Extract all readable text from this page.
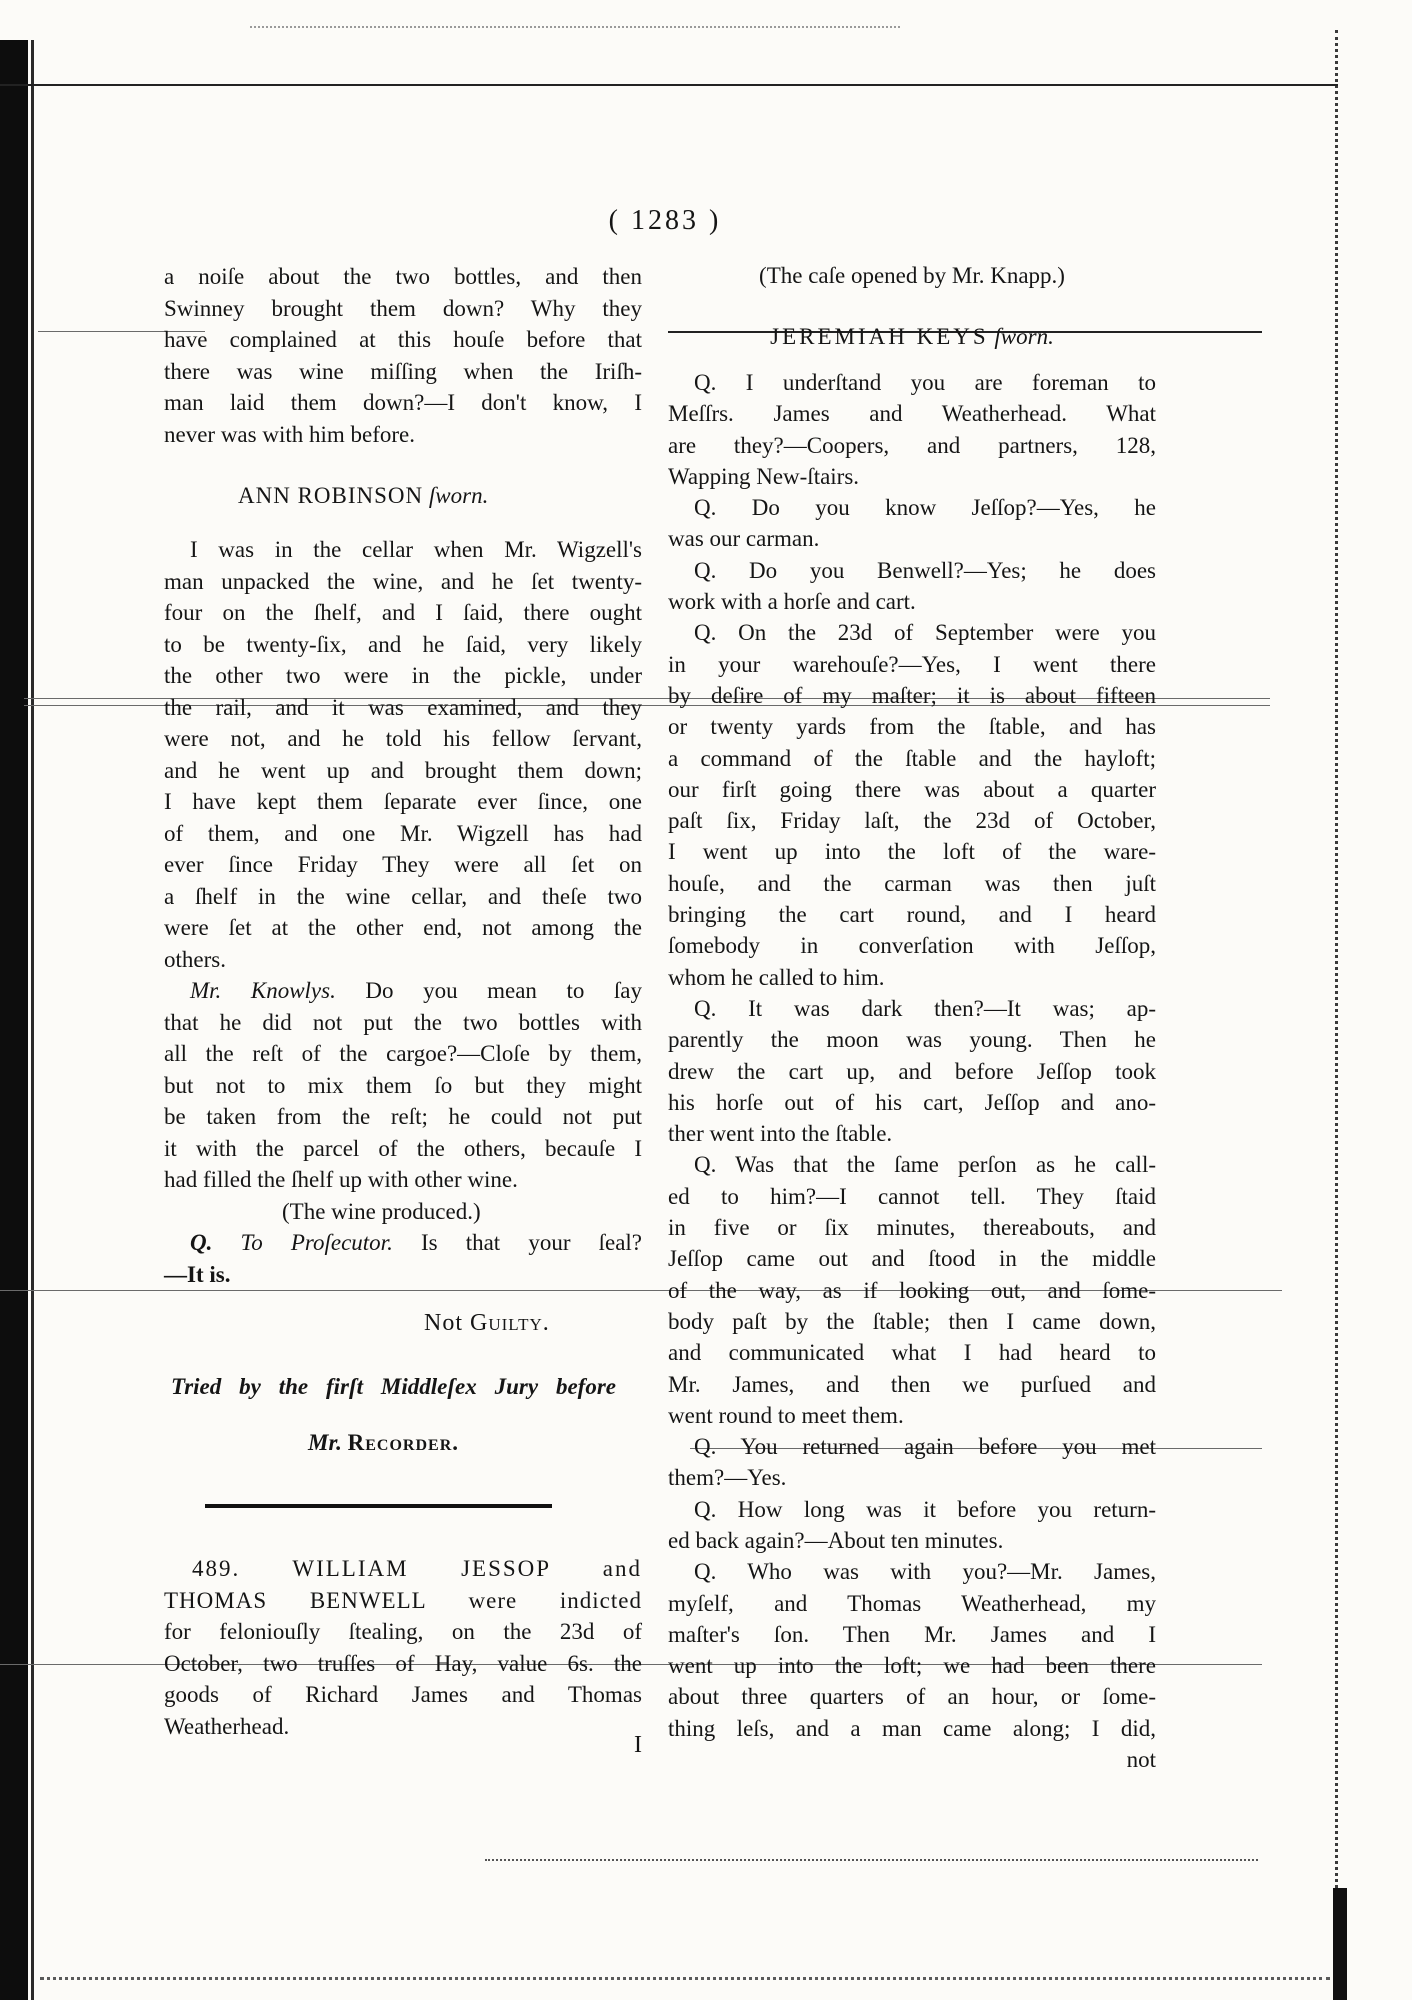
( 1283 )
a noiſe about the two bottles, and then
Swinney brought them down? Why they
have complained at this houſe before that
there was wine miſſing when the Iriſh-
man laid them down?—I don't know, I
never was with him before.
ANN ROBINSON ſworn.
I was in the cellar when Mr. Wigzell's
man unpacked the wine, and he ſet twenty-
four on the ſhelf, and I ſaid, there ought
to be twenty-ſix, and he ſaid, very likely
the other two were in the pickle, under
the rail, and it was examined, and they
were not, and he told his fellow ſervant,
and he went up and brought them down;
I have kept them ſeparate ever ſince, one
of them, and one Mr. Wigzell has had
ever ſince Friday They were all ſet on
a ſhelf in the wine cellar, and theſe two
were ſet at the other end, not among the
others.
Mr. Knowlys. Do you mean to ſay
that he did not put the two bottles with
all the reſt of the cargoe?—Cloſe by them,
but not to mix them ſo but they might
be taken from the reſt; he could not put
it with the parcel of the others, becauſe I
had filled the ſhelf up with other wine.
(The wine produced.)
Q. To Proſecutor. Is that your ſeal?
—It is.
Not Guilty.
Tried by the firſt Middleſex Jury before
Mr. Recorder.
489. WILLIAM JESSOP and
THOMAS BENWELL were indicted
for feloniouſly ſtealing, on the 23d of
October, two truſſes of Hay, value 6s. the
goods of Richard James and Thomas
Weatherhead.
I
(The caſe opened by Mr. Knapp.)
JEREMIAH KEYS ſworn.
Q. I underſtand you are foreman to
Meſſrs. James and Weatherhead. What
are they?—Coopers, and partners, 128,
Wapping New-ſtairs.
Q. Do you know Jeſſop?—Yes, he
was our carman.
Q. Do you Benwell?—Yes; he does
work with a horſe and cart.
Q. On the 23d of September were you
in your warehouſe?—Yes, I went there
by deſire of my maſter; it is about fifteen
or twenty yards from the ſtable, and has
a command of the ſtable and the hayloft;
our firſt going there was about a quarter
paſt ſix, Friday laſt, the 23d of October,
I went up into the loft of the ware-
houſe, and the carman was then juſt
bringing the cart round, and I heard
ſomebody in converſation with Jeſſop,
whom he called to him.
Q. It was dark then?—It was; ap-
parently the moon was young. Then he
drew the cart up, and before Jeſſop took
his horſe out of his cart, Jeſſop and ano-
ther went into the ſtable.
Q. Was that the ſame perſon as he call-
ed to him?—I cannot tell. They ſtaid
in five or ſix minutes, thereabouts, and
Jeſſop came out and ſtood in the middle
of the way, as if looking out, and ſome-
body paſt by the ſtable; then I came down,
and communicated what I had heard to
Mr. James, and then we purſued and
went round to meet them.
Q. You returned again before you met
them?—Yes.
Q. How long was it before you return-
ed back again?—About ten minutes.
Q. Who was with you?—Mr. James,
myſelf, and Thomas Weatherhead, my
maſter's ſon. Then Mr. James and I
went up into the loft; we had been there
about three quarters of an hour, or ſome-
thing leſs, and a man came along; I did,
not
